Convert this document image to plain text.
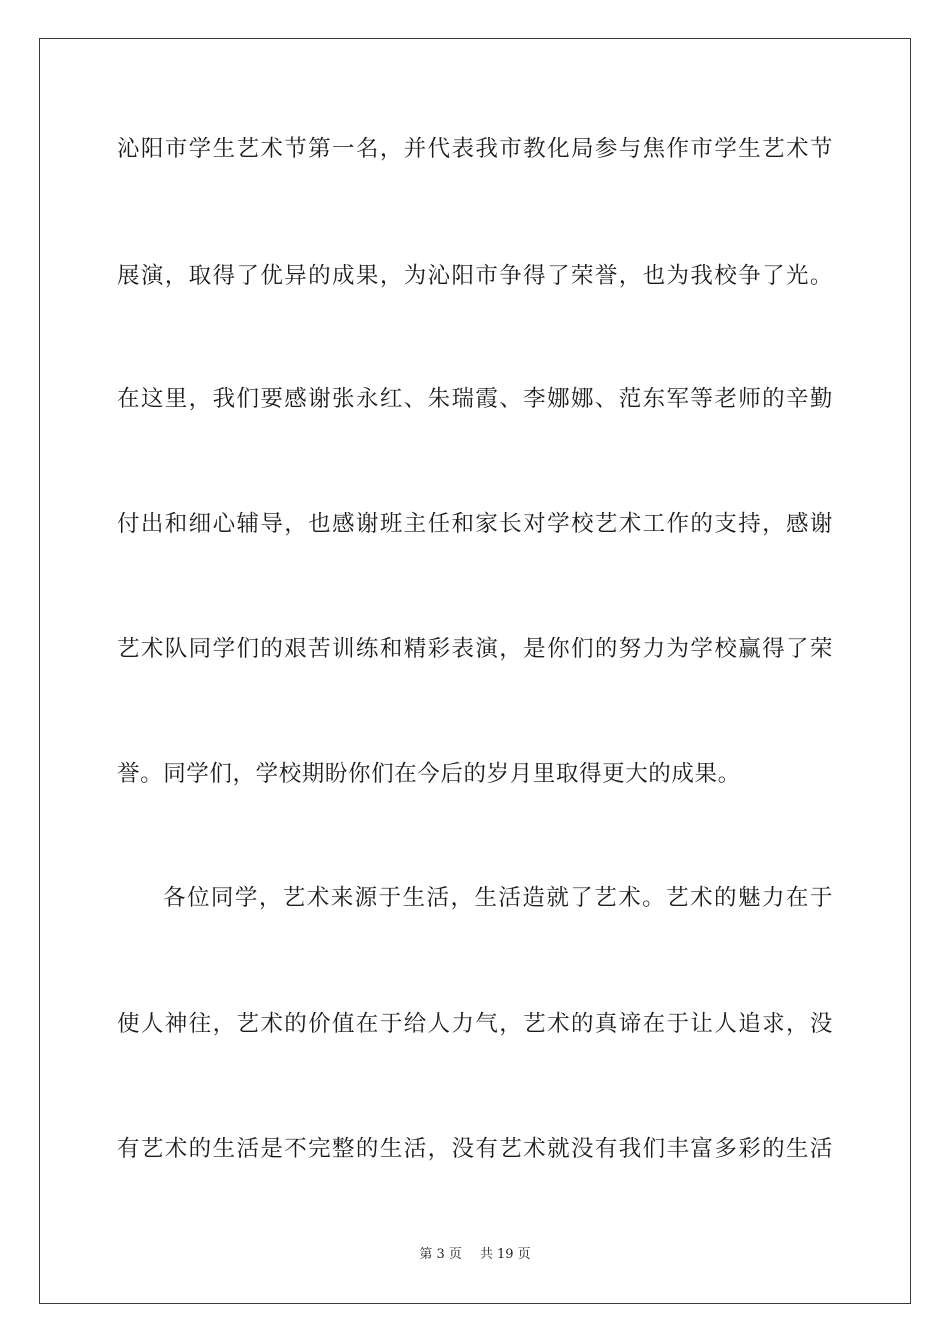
沁阳市学生艺术节第一名，并代表我市教化局参与焦作市学生艺术节
展演，取得了优异的成果，为沁阳市争得了荣誉，也为我校争了光。
在这里，我们要感谢张永红、朱瑞霞、李娜娜、范东军等老师的辛勤
付出和细心辅导，也感谢班主任和家长对学校艺术工作的支持，感谢
艺术队同学们的艰苦训练和精彩表演，是你们的努力为学校赢得了荣
誉。同学们，学校期盼你们在今后的岁月里取得更大的成果。
各位同学，艺术来源于生活，生活造就了艺术。艺术的魅力在于
使人神往，艺术的价值在于给人力气，艺术的真谛在于让人追求，没
有艺术的生活是不完整的生活，没有艺术就没有我们丰富多彩的生活
第 3 页 共 19 页
